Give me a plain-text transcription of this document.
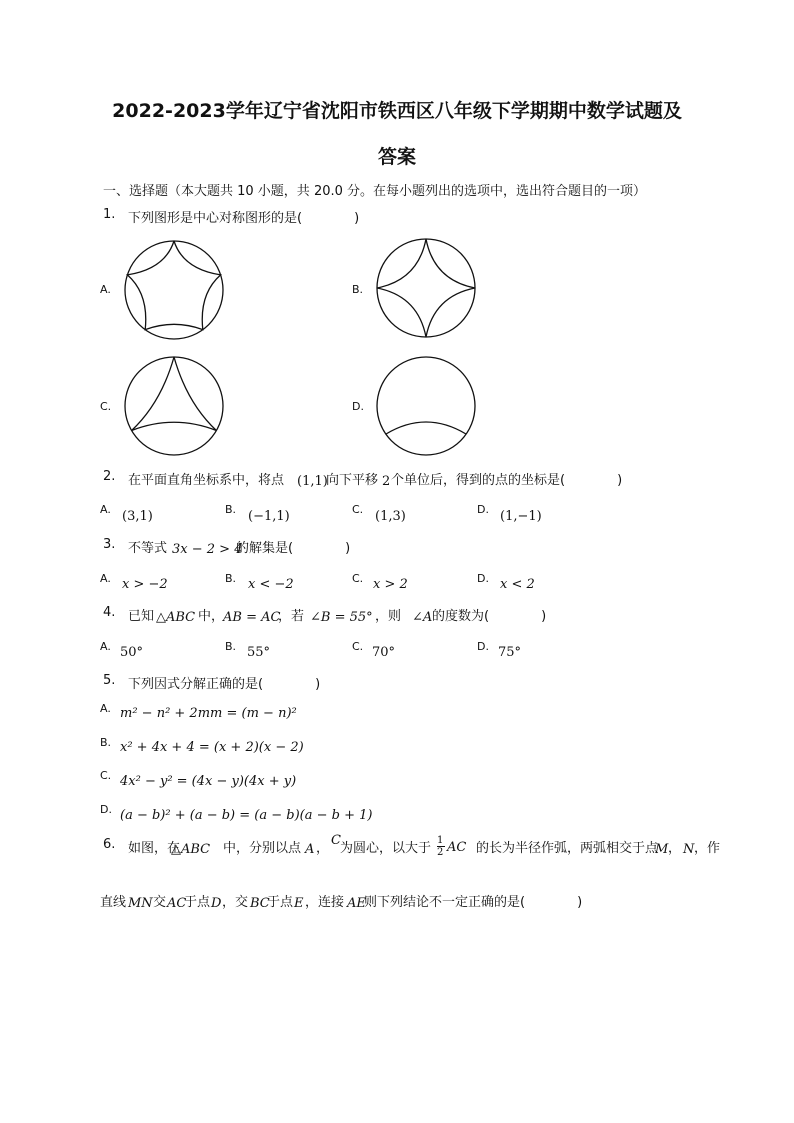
2022-2023学年辽宁省沈阳市铁西区八年级下学期期中数学试题及
答案
一、选择题（本大题共 10 小题，共 20.0 分。在每小题列出的选项中，选出符合题目的一项）
1. 下列图形是中心对称图形的是(　　　　)
A.	B.
C.	D.
2. 在平面直角坐标系中，将点 (1,1)
向下平移 2 个单位后，得到的点的坐标是(　　　　)
A. (3,1)	B. (−1,1)	C. (1,3)	D. (1,−1)
3. 不等式 3x − 2 > 4
的解集是(　　　　)
A. x > −2	B. x < −2	C. x > 2	D. x < 2
4. 已知 △ABC 中，
AB = AC
，若 ∠B = 55° ，则 ∠A 的度数为(　　　　)
A. 50°	B. 55°	C. 70°	D. 75°
5. 下列因式分解正确的是(　　　　)
A. m² − n² + 2mm = (m − n)²
B. x² + 4x + 4 = (x + 2)(x − 2)
C. 4x² − y² = (4x − y)(4x + y)
D. (a − b)² + (a − b) = (a − b)(a − b + 1)
6. 如图，在
△ABC 中，分别以点 A ，
C
为圆心，以大于
1
2 AC 的长为半径作弧，两弧相交于点
M ， N ，作
直线 MN 交 AC
于点 D ，交 BC
于点 E ，连接 AE
则下列结论不一定正确的是(　　　　)
